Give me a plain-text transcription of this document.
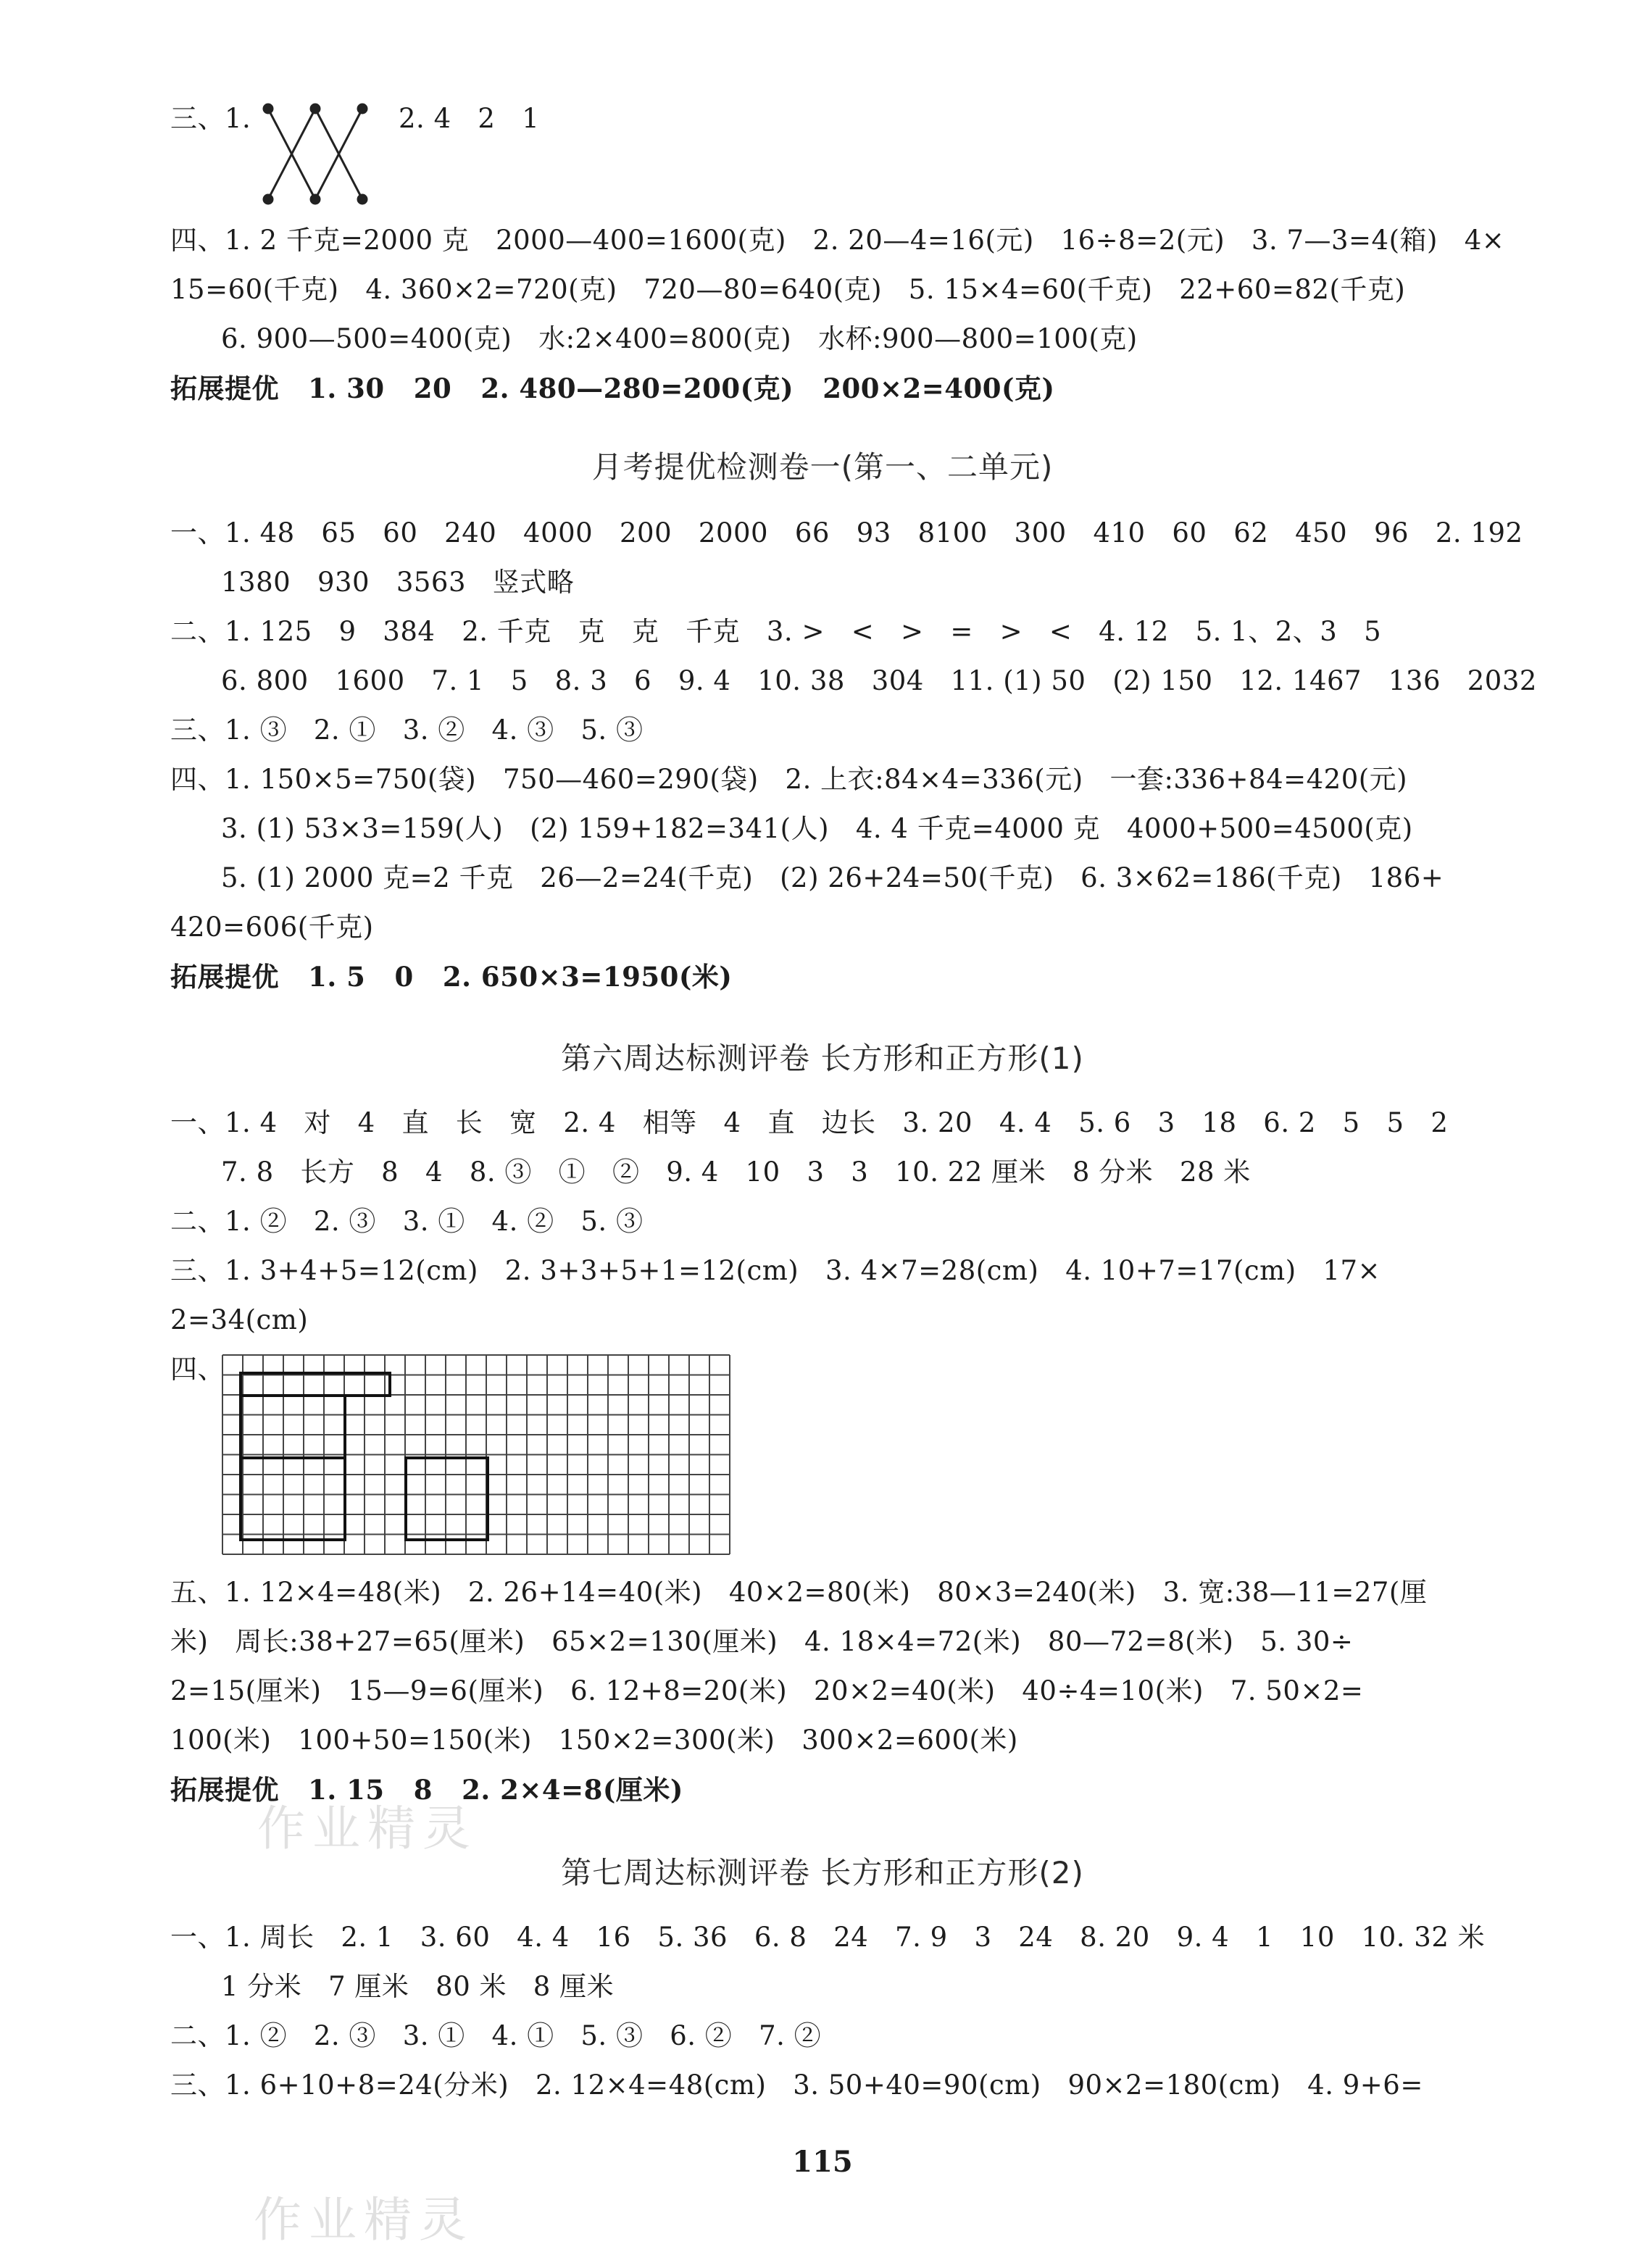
三、1.	2. 4   2   1
四、1. 2 千克=2000 克   2000—400=1600(克)   2. 20—4=16(元)   16÷8=2(元)   3. 7—3=4(箱)   4×
15=60(千克)   4. 360×2=720(克)   720—80=640(克)   5. 15×4=60(千克)   22+60=82(千克)
6. 900—500=400(克)   水:2×400=800(克)   水杯:900—800=100(克)
拓展提优   1. 30   20   2. 480—280=200(克)   200×2=400(克)
月考提优检测卷一(第一、二单元)
一、1. 48   65   60   240   4000   200   2000   66   93   8100   300   410   60   62   450   96   2. 192
1380   930   3563   竖式略
二、1. 125   9   384   2. 千克   克   克   千克   3. >   <   >   =   >   <   4. 12   5. 1、2、3   5
6. 800   1600   7. 1   5   8. 3   6   9. 4   10. 38   304   11. (1) 50   (2) 150   12. 1467   136   2032
三、1. ③   2. ①   3. ②   4. ③   5. ③
四、1. 150×5=750(袋)   750—460=290(袋)   2. 上衣:84×4=336(元)   一套:336+84=420(元)
3. (1) 53×3=159(人)   (2) 159+182=341(人)   4. 4 千克=4000 克   4000+500=4500(克)
5. (1) 2000 克=2 千克   26—2=24(千克)   (2) 26+24=50(千克)   6. 3×62=186(千克)   186+
420=606(千克)
拓展提优   1. 5   0   2. 650×3=1950(米)
第六周达标测评卷 长方形和正方形(1)
一、1. 4   对   4   直   长   宽   2. 4   相等   4   直   边长   3. 20   4. 4   5. 6   3   18   6. 2   5   5   2
7. 8   长方   8   4   8. ③   ①   ②   9. 4   10   3   3   10. 22 厘米   8 分米   28 米
二、1. ②   2. ③   3. ①   4. ②   5. ③
三、1. 3+4+5=12(cm)   2. 3+3+5+1=12(cm)   3. 4×7=28(cm)   4. 10+7=17(cm)   17×
2=34(cm)
四、
五、1. 12×4=48(米)   2. 26+14=40(米)   40×2=80(米)   80×3=240(米)   3. 宽:38—11=27(厘
米)   周长:38+27=65(厘米)   65×2=130(厘米)   4. 18×4=72(米)   80—72=8(米)   5. 30÷
2=15(厘米)   15—9=6(厘米)   6. 12+8=20(米)   20×2=40(米)   40÷4=10(米)   7. 50×2=
100(米)   100+50=150(米)   150×2=300(米)   300×2=600(米)
拓展提优   1. 15   8   2. 2×4=8(厘米)
第七周达标测评卷 长方形和正方形(2)
一、1. 周长   2. 1   3. 60   4. 4   16   5. 36   6. 8   24   7. 9   3   24   8. 20   9. 4   1   10   10. 32 米
1 分米   7 厘米   80 米   8 厘米
二、1. ②   2. ③   3. ①   4. ①   5. ③   6. ②   7. ②
三、1. 6+10+8=24(分米)   2. 12×4=48(cm)   3. 50+40=90(cm)   90×2=180(cm)   4. 9+6=
115
作业精灵
作业精灵
